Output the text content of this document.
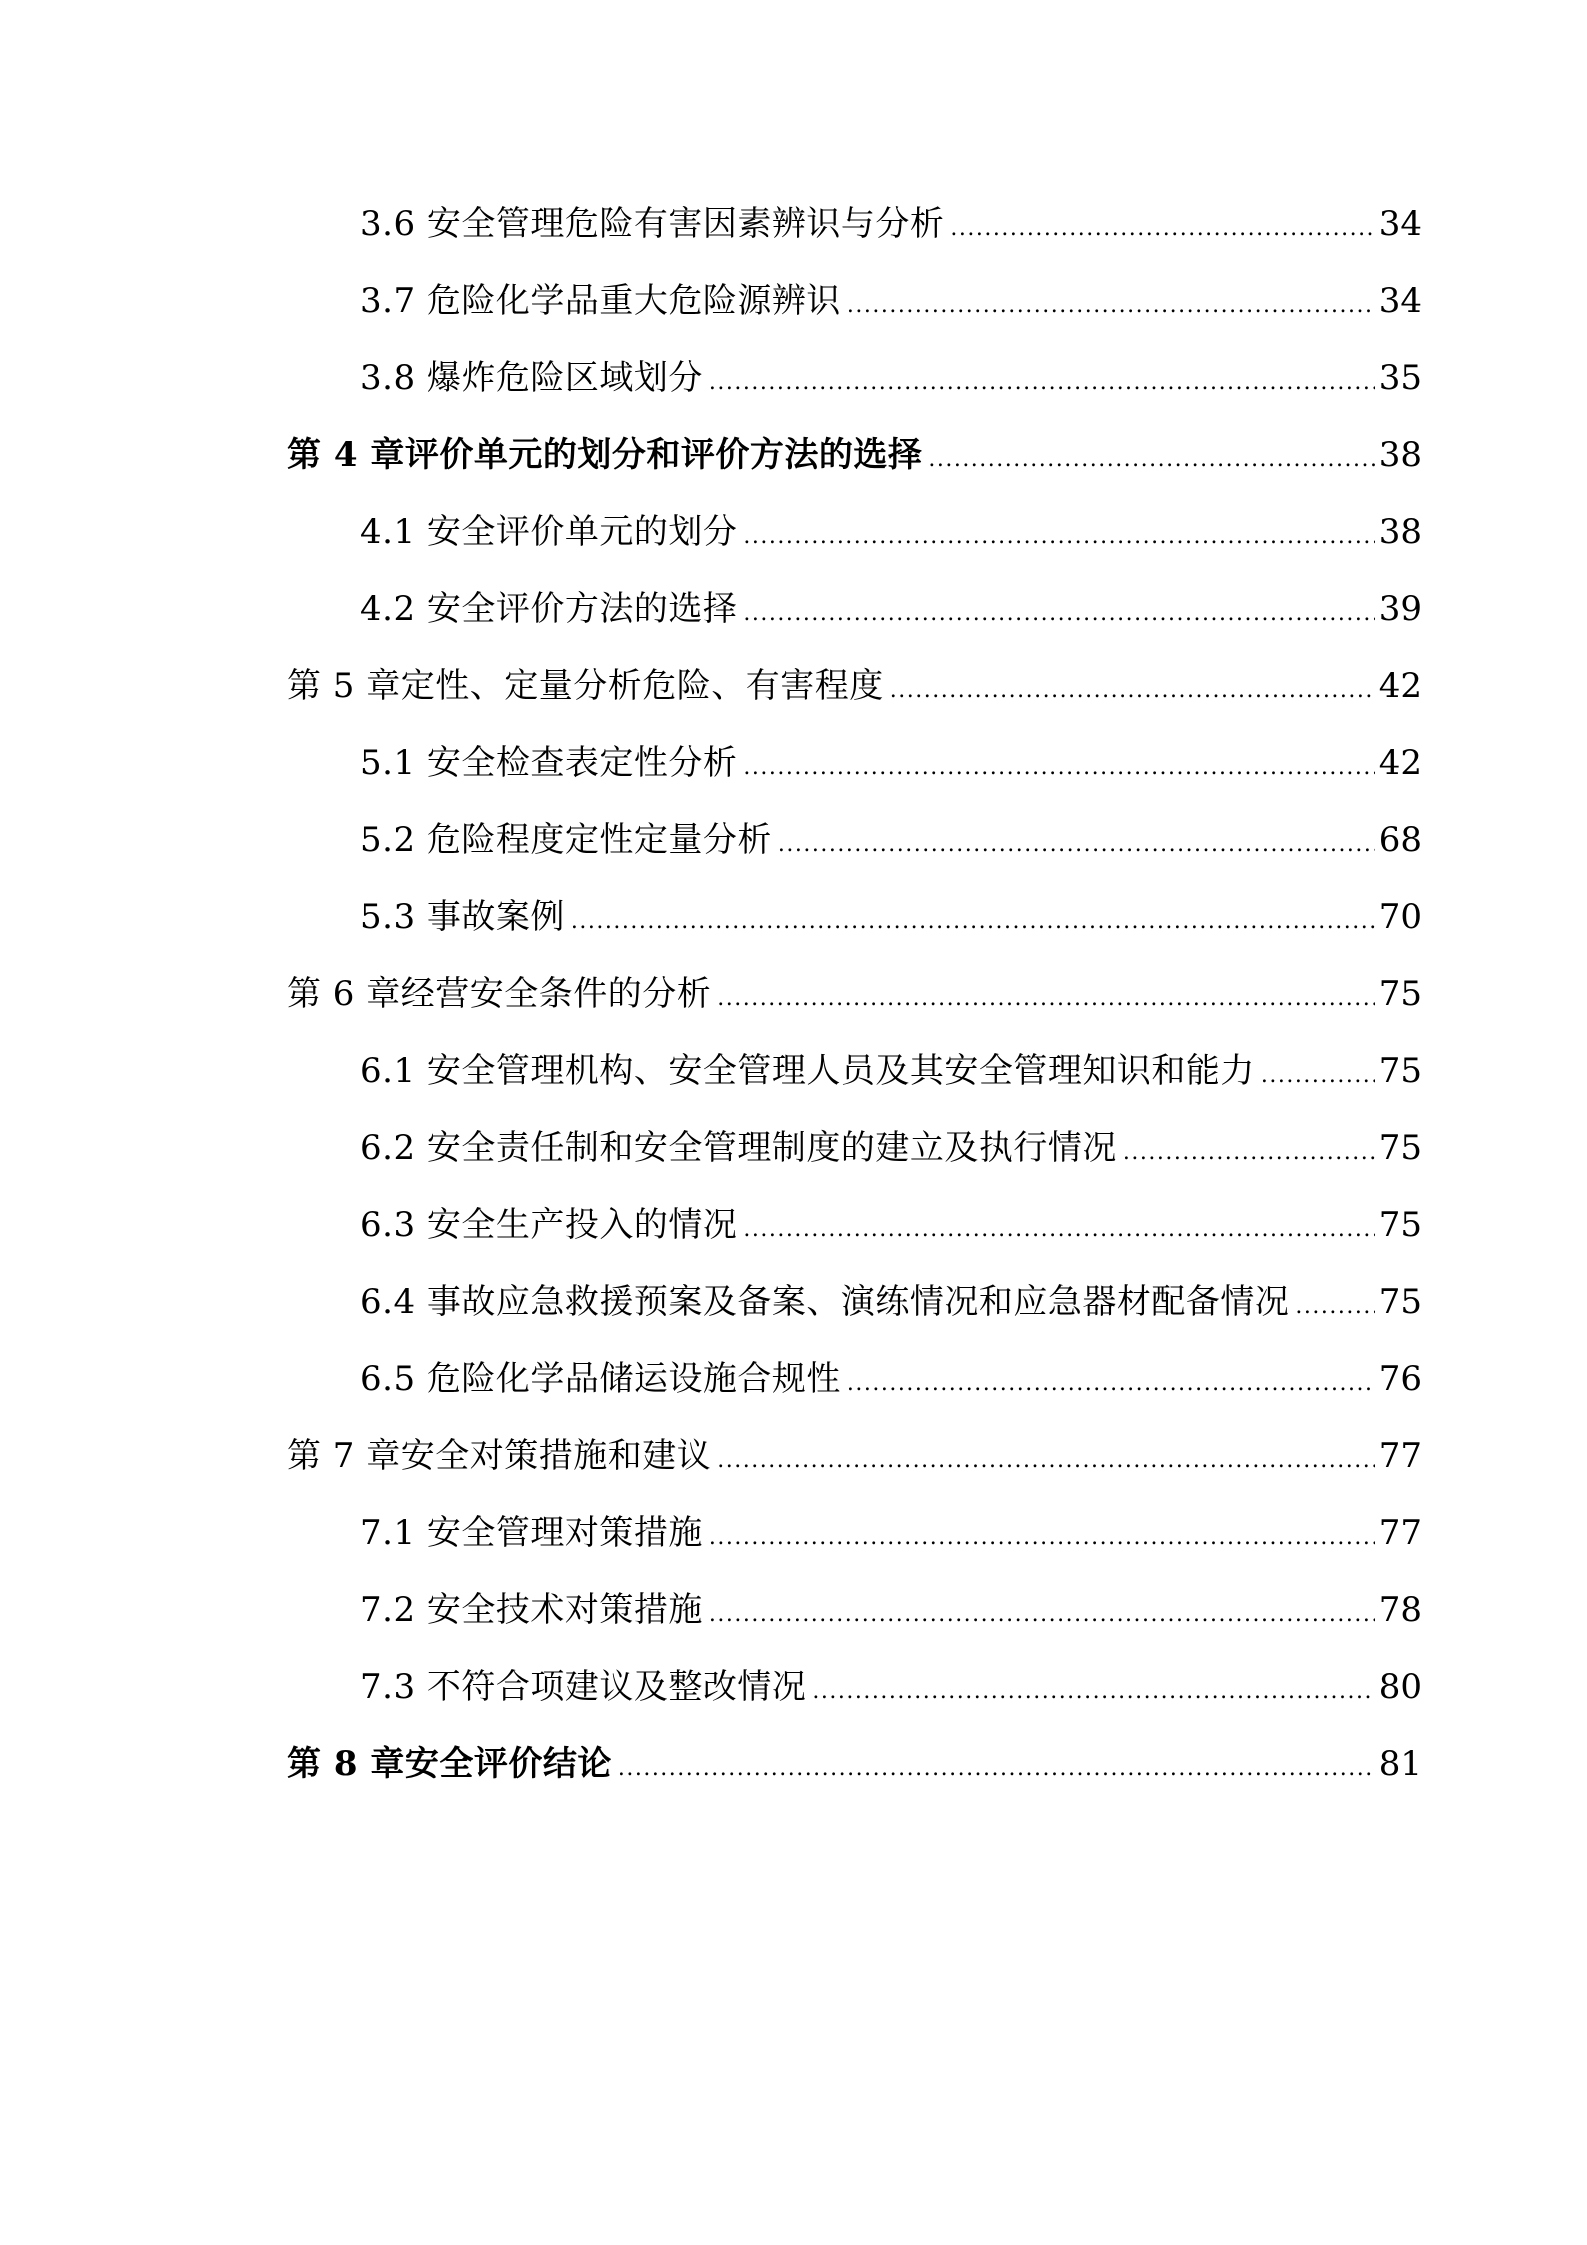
3.6 安全管理危险有害因素辨识与分析 .....	34
3.7 危险化学品重大危险源辨识 .....	34
3.8 爆炸危险区域划分 .....	35
第 4 章评价单元的划分和评价方法的选择 .....	38
4.1 安全评价单元的划分 .....	38
4.2 安全评价方法的选择 .....	39
第 5 章定性、定量分析危险、有害程度 .....	42
5.1 安全检查表定性分析 .....	42
5.2 危险程度定性定量分析 .....	68
5.3 事故案例 .....	70
第 6 章经营安全条件的分析 .....	75
6.1 安全管理机构、安全管理人员及其安全管理知识和能力 .....	75
6.2 安全责任制和安全管理制度的建立及执行情况 .....	75
6.3 安全生产投入的情况 .....	75
6.4 事故应急救援预案及备案、演练情况和应急器材配备情况 .....	75
6.5 危险化学品储运设施合规性 .....	76
第 7 章安全对策措施和建议 .....	77
7.1 安全管理对策措施 .....	77
7.2 安全技术对策措施 .....	78
7.3 不符合项建议及整改情况 .....	80
第 8 章安全评价结论 .....	81
